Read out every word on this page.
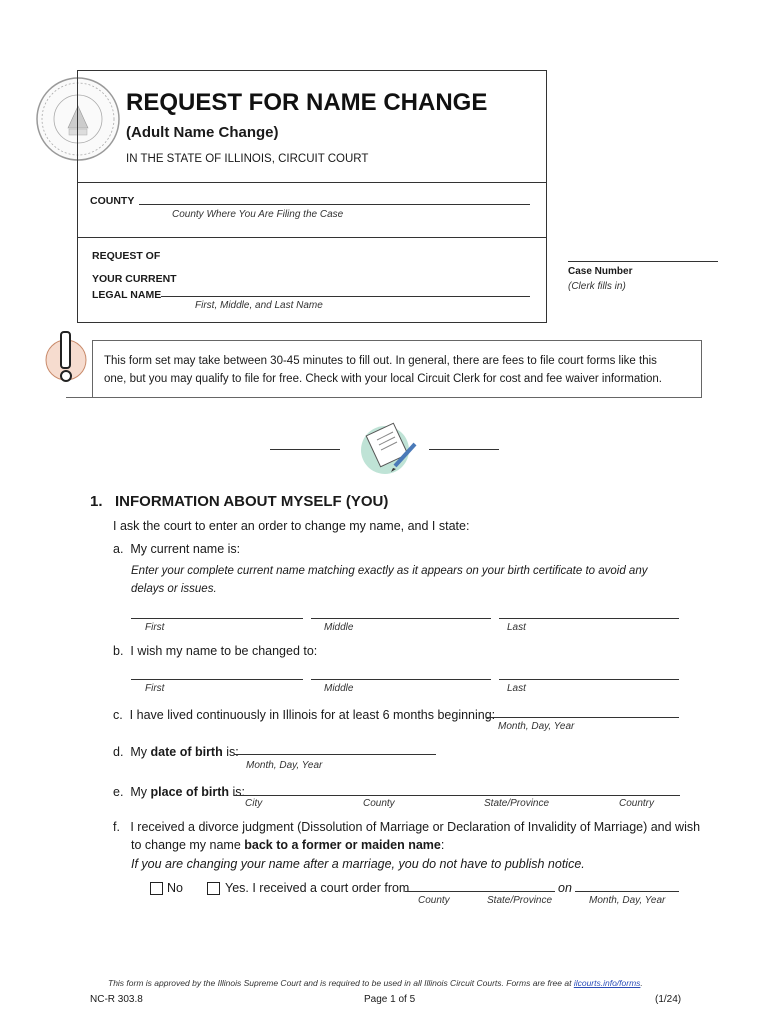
REQUEST FOR NAME CHANGE
(Adult Name Change)
IN THE STATE OF ILLINOIS, CIRCUIT COURT
COUNTY
County Where You Are Filing the Case
REQUEST OF
YOUR CURRENT
LEGAL NAME
First, Middle, and Last Name
Case Number
(Clerk fills in)
This form set may take between 30-45 minutes to fill out. In general, there are fees to file court forms like this
one, but you may qualify to file for free. Check with your local Circuit Clerk for cost and fee waiver information.
1.   INFORMATION ABOUT MYSELF (YOU)
I ask the court to enter an order to change my name, and I state:
a.  My current name is:
Enter your complete current name matching exactly as it appears on your birth certificate to avoid any
delays or issues.
First	Middle	Last
b.  I wish my name to be changed to:
First	Middle	Last
c.  I have lived continuously in Illinois for at least 6 months beginning:
Month, Day, Year
d.  My date of birth is:
Month, Day, Year
e.  My place of birth is:
City	County	State/Province	Country
f.   I received a divorce judgment (Dissolution of Marriage or Declaration of Invalidity of Marriage) and wish
to change my name back to a former or maiden name:
If you are changing your name after a marriage, you do not have to publish notice.
No	Yes. I received a court order from	on
County	State/Province	Month, Day, Year
This form is approved by the Illinois Supreme Court and is required to be used in all Illinois Circuit Courts. Forms are free at ilcourts.info/forms.
NC-R 303.8	Page 1 of 5	(1/24)
